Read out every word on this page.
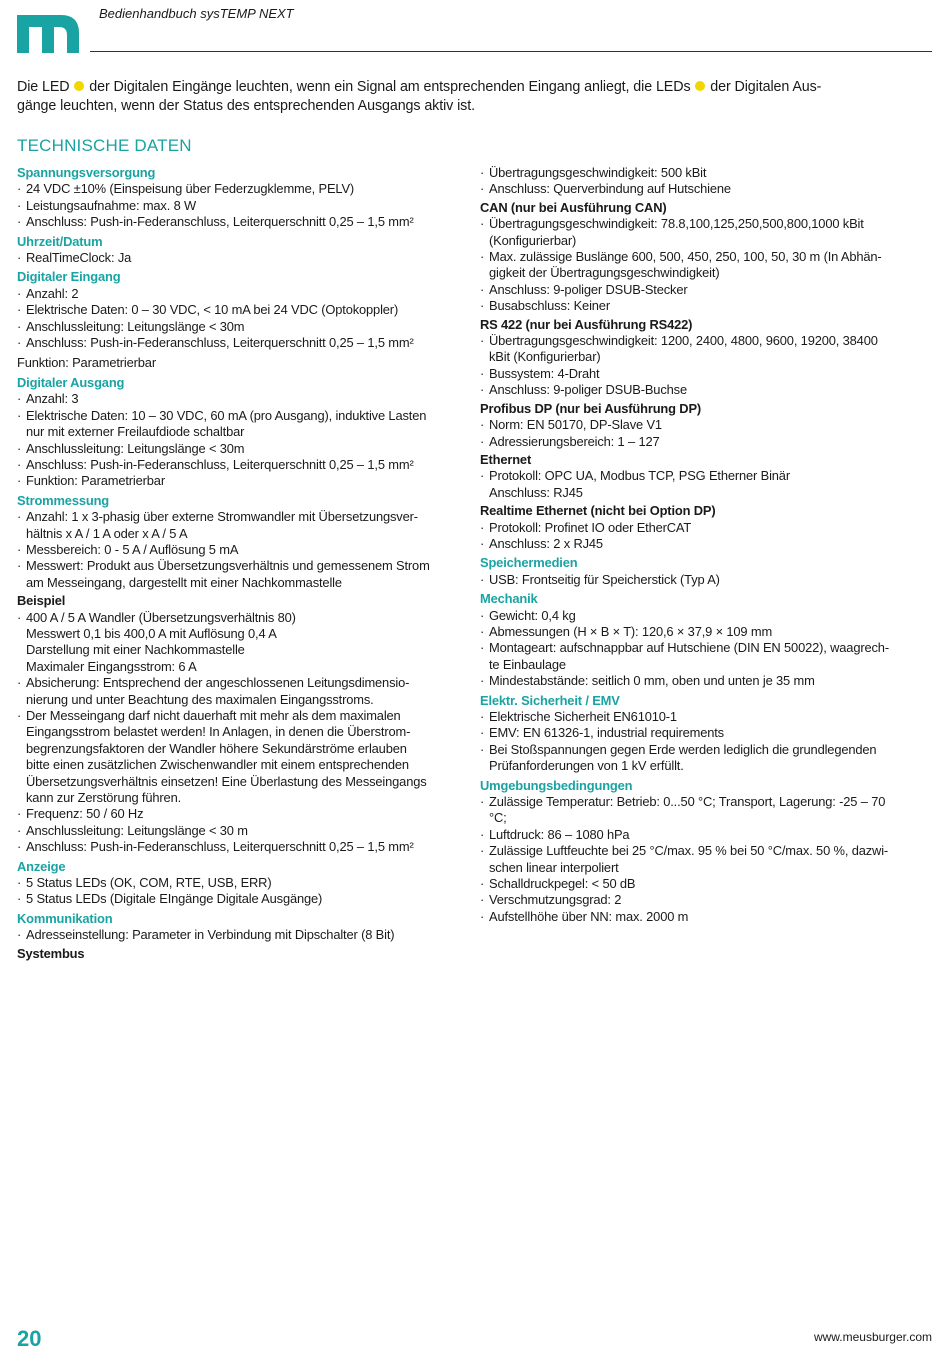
Bedienhandbuch sysTEMP NEXT
Die LED der Digitalen Eingänge leuchten, wenn ein Signal am entsprechenden Eingang anliegt, die LEDs der Digitalen Aus-
gänge leuchten, wenn der Status des entsprechenden Ausgangs aktiv ist.
TECHNISCHE DATEN
Spannungsversorgung
· 24 VDC ±10% (Einspeisung über Federzugklemme, PELV)
· Leistungsaufnahme: max. 8 W
· Anschluss: Push-in-Federanschluss, Leiterquerschnitt 0,25 – 1,5 mm²
Uhrzeit/Datum
· RealTimeClock: Ja
Digitaler Eingang
· Anzahl: 2
· Elektrische Daten: 0 – 30 VDC, < 10 mA bei 24 VDC (Optokoppler)
· Anschlussleitung: Leitungslänge < 30m
· Anschluss: Push-in-Federanschluss, Leiterquerschnitt 0,25 – 1,5 mm²
Funktion: Parametrierbar
Digitaler Ausgang
· Anzahl: 3
· Elektrische Daten: 10 – 30 VDC, 60 mA (pro Ausgang), induktive Lasten
nur mit externer Freilaufdiode schaltbar
· Anschlussleitung: Leitungslänge < 30m
· Anschluss: Push-in-Federanschluss, Leiterquerschnitt 0,25 – 1,5 mm²
· Funktion: Parametrierbar
Strommessung
· Anzahl: 1 x 3-phasig über externe Stromwandler mit Übersetzungsver-
hältnis x A / 1 A oder x A / 5 A
· Messbereich: 0 - 5 A / Auflösung 5 mA
· Messwert: Produkt aus Übersetzungsverhältnis und gemessenem Strom
am Messeingang, dargestellt mit einer Nachkommastelle
Beispiel
· 400 A / 5 A Wandler (Übersetzungsverhältnis 80)
Messwert 0,1 bis 400,0 A mit Auflösung 0,4 A
Darstellung mit einer Nachkommastelle
Maximaler Eingangsstrom: 6 A
· Absicherung: Entsprechend der angeschlossenen Leitungsdimensio-
nierung und unter Beachtung des maximalen Eingangsstroms.
· Der Messeingang darf nicht dauerhaft mit mehr als dem maximalen
Eingangsstrom belastet werden! In Anlagen, in denen die Überstrom-
begrenzungsfaktoren der Wandler höhere Sekundärströme erlauben
bitte einen zusätzlichen Zwischenwandler mit einem entsprechenden
Übersetzungsverhältnis einsetzen! Eine Überlastung des Messeingangs
kann zur Zerstörung führen.
· Frequenz: 50 / 60 Hz
· Anschlussleitung: Leitungslänge < 30 m
· Anschluss: Push-in-Federanschluss, Leiterquerschnitt 0,25 – 1,5 mm²
Anzeige
· 5 Status LEDs (OK, COM, RTE, USB, ERR)
· 5 Status LEDs (Digitale EIngänge Digitale Ausgänge)
Kommunikation
· Adresseinstellung: Parameter in Verbindung mit Dipschalter (8 Bit)
Systembus
· Übertragungsgeschwindigkeit: 500 kBit
· Anschluss: Querverbindung auf Hutschiene
CAN (nur bei Ausführung CAN)
· Übertragungsgeschwindigkeit: 78.8,100,125,250,500,800,1000 kBit
(Konfigurierbar)
· Max. zulässige Buslänge 600, 500, 450, 250, 100, 50, 30 m (In Abhän-
gigkeit der Übertragungsgeschwindigkeit)
· Anschluss: 9-poliger DSUB-Stecker
· Busabschluss: Keiner
RS 422 (nur bei Ausführung RS422)
· Übertragungsgeschwindigkeit: 1200, 2400, 4800, 9600, 19200, 38400
kBit (Konfigurierbar)
· Bussystem: 4-Draht
· Anschluss: 9-poliger DSUB-Buchse
Profibus DP (nur bei Ausführung DP)
· Norm: EN 50170, DP-Slave V1
· Adressierungsbereich: 1 – 127
Ethernet
· Protokoll: OPC UA, Modbus TCP, PSG Etherner Binär
Anschluss: RJ45
Realtime Ethernet (nicht bei Option DP)
· Protokoll: Profinet IO oder EtherCAT
· Anschluss: 2 x RJ45
Speichermedien
· USB: Frontseitig für Speicherstick (Typ A)
Mechanik
· Gewicht: 0,4 kg
· Abmessungen (H × B × T): 120,6 × 37,9 × 109 mm
· Montageart: aufschnappbar auf Hutschiene (DIN EN 50022), waagrech-
te Einbaulage
· Mindestabstände: seitlich 0 mm, oben und unten je 35 mm
Elektr. Sicherheit / EMV
· Elektrische Sicherheit EN61010-1
· EMV: EN 61326-1, industrial requirements
· Bei Stoßspannungen gegen Erde werden lediglich die grundlegenden
Prüfanforderungen von 1 kV erfüllt.
Umgebungsbedingungen
· Zulässige Temperatur: Betrieb: 0...50 °C; Transport, Lagerung: -25 – 70
°C;
· Luftdruck: 86 – 1080 hPa
· Zulässige Luftfeuchte bei 25 °C/max. 95 % bei 50 °C/max. 50 %, dazwi-
schen linear interpoliert
· Schalldruckpegel: < 50 dB
· Verschmutzungsgrad: 2
· Aufstellhöhe über NN: max. 2000 m
20	www.meusburger.com
